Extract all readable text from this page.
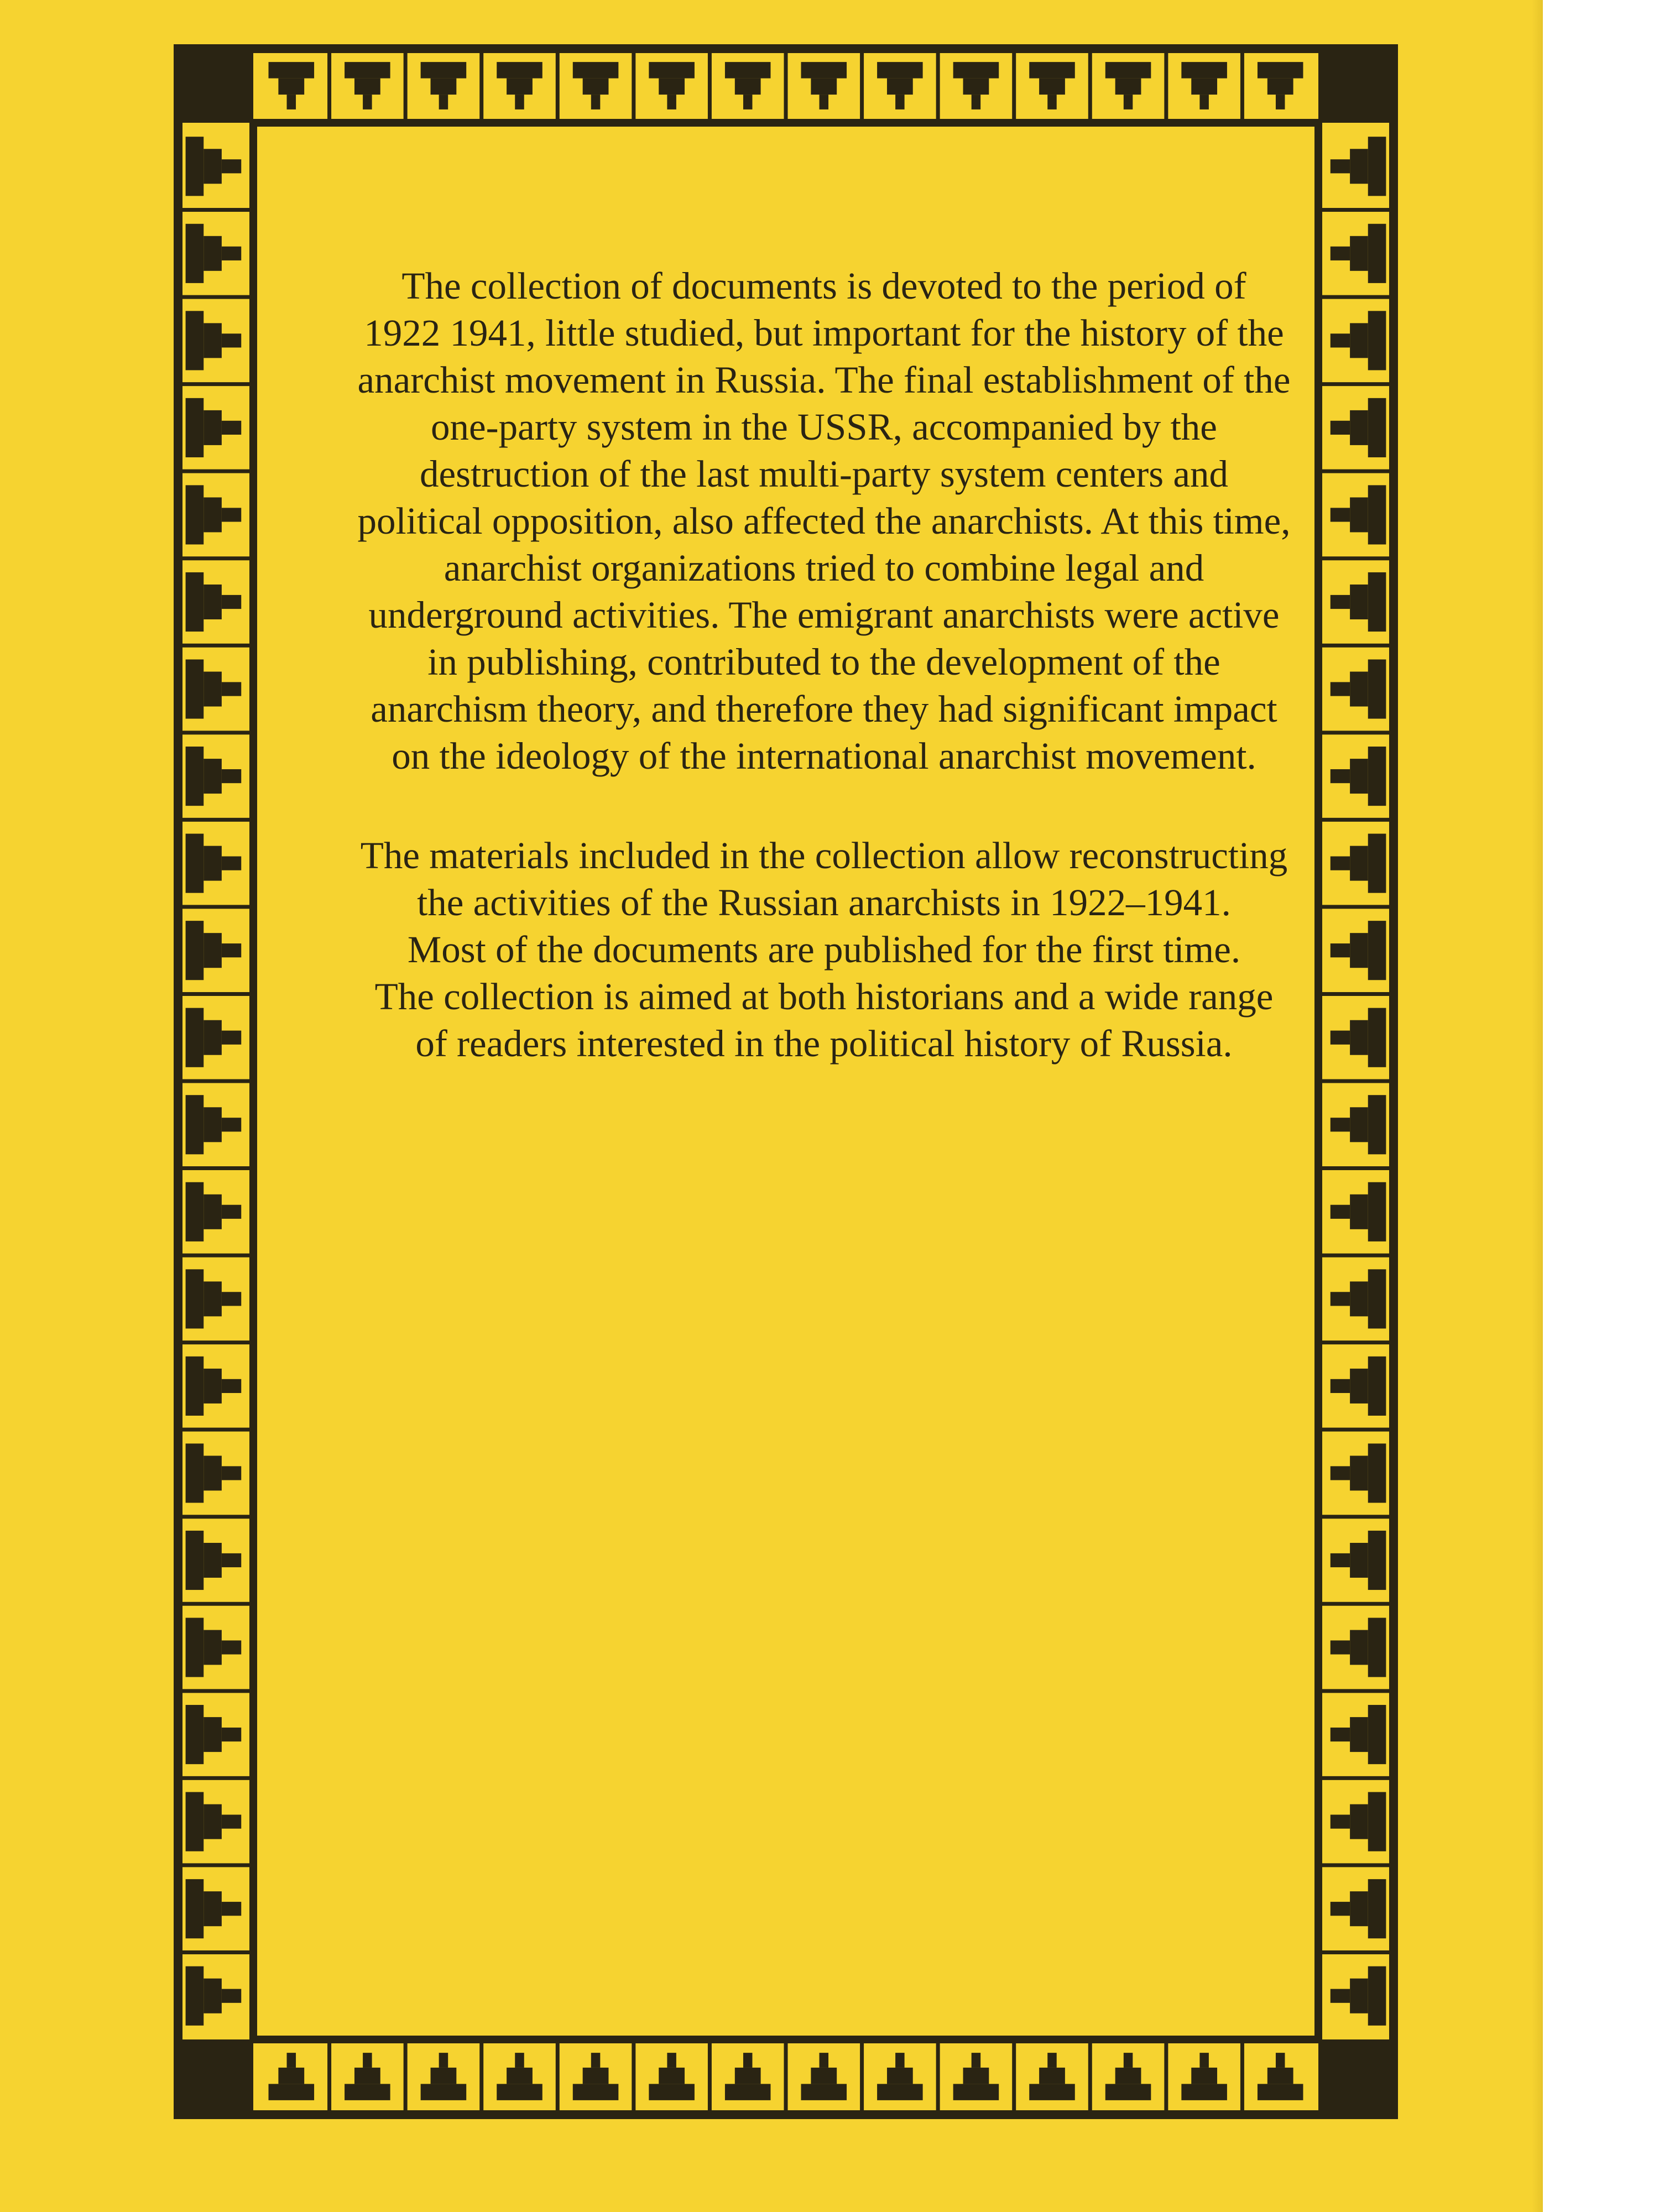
The collection of documents is devoted to the period of
1922 1941, little studied, but important for the history of the
anarchist movement in Russia. The final establishment of the
one-party system in the USSR, accompanied by the
destruction of the last multi-party system centers and
political opposition, also affected the anarchists. At this time,
anarchist organizations tried to combine legal and
underground activities. The emigrant anarchists were active
in publishing, contributed to the development of the
anarchism theory, and therefore they had significant impact
on the ideology of the international anarchist movement.
The materials included in the collection allow reconstructing
the activities of the Russian anarchists in 1922–1941.
Most of the documents are published for the first time.
The collection is aimed at both historians and a wide range
of readers interested in the political history of Russia.
